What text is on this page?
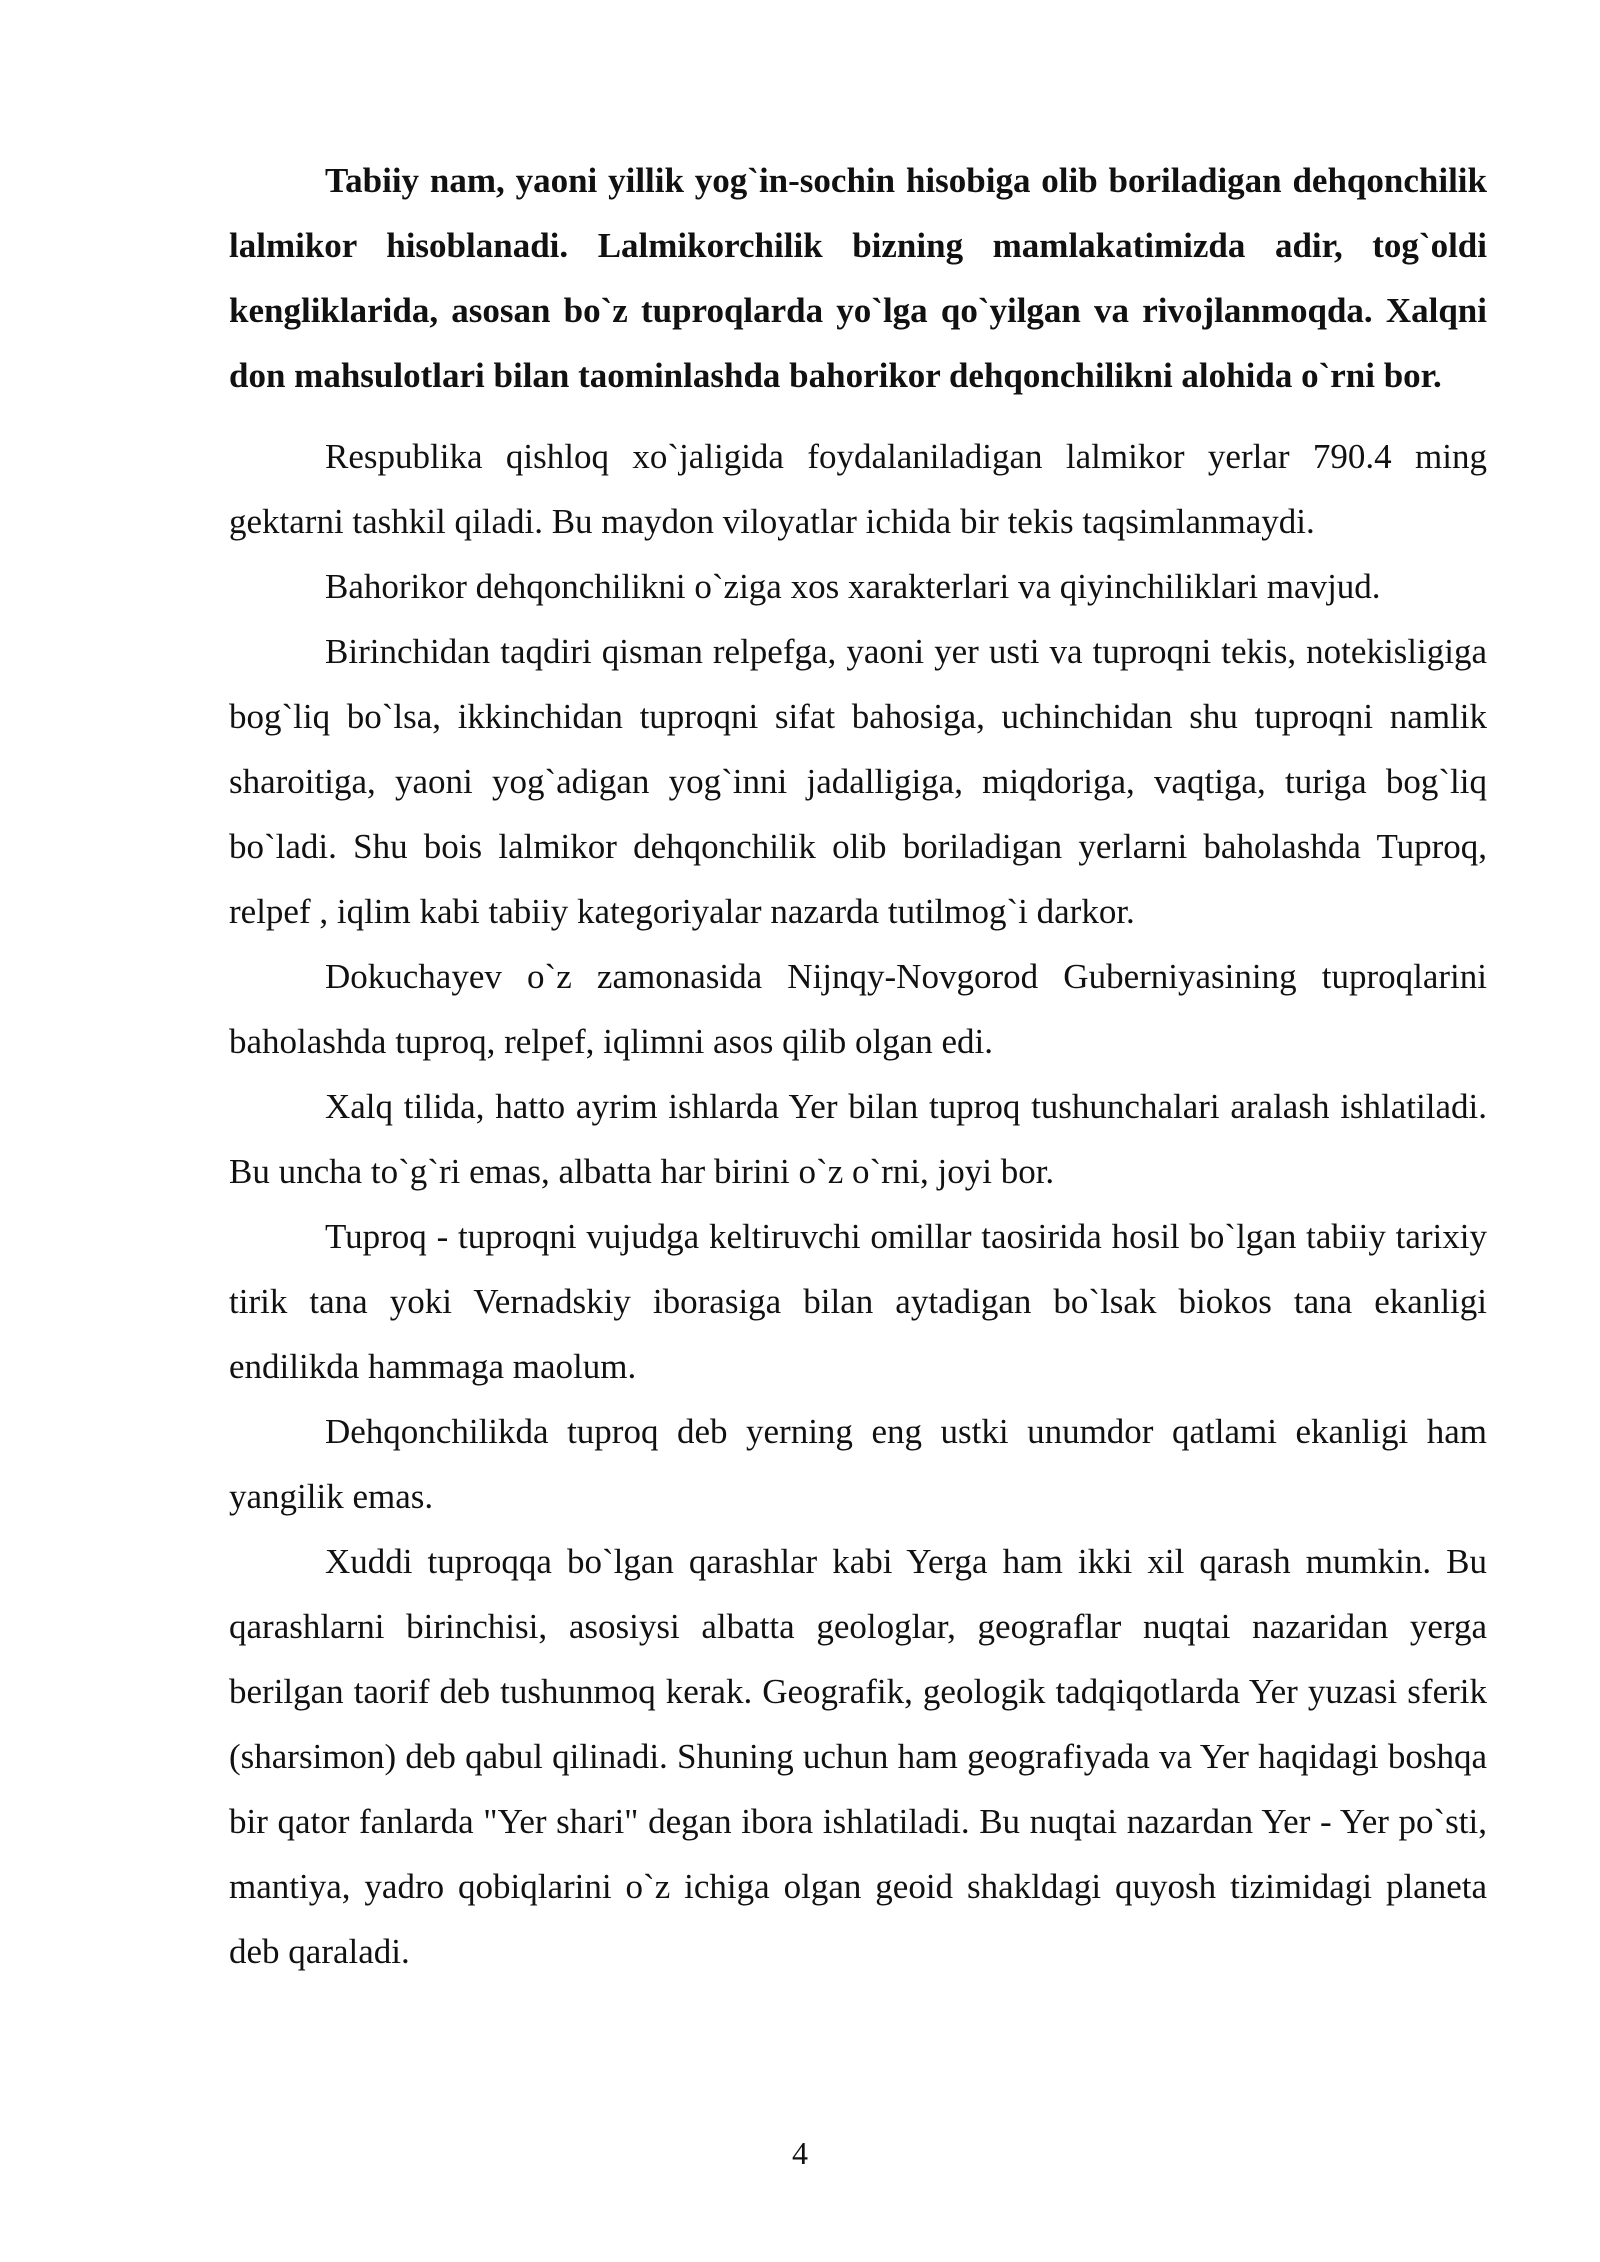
Tabiiy nam, yaoni yillik yog`in-sochin hisobiga olib boriladigan dehqonchilik lalmikor hisoblanadi. Lalmikorchilik bizning mamlakatimizda adir, tog`oldi kengliklarida, asosan bo`z tuproqlarda yo`lga qo`yilgan va rivojlanmoqda. Xalqni don mahsulotlari bilan taominlashda bahorikor dehqonchilikni alohida o`rni bor.

Respublika qishloq xo`jaligida foydalaniladigan lalmikor yerlar 790.4 ming gektarni tashkil qiladi. Bu maydon viloyatlar ichida bir tekis taqsimlanmaydi.

Bahorikor dehqonchilikni o`ziga xos xarakterlari va qiyinchiliklari mavjud.

Birinchidan taqdiri qisman relpefga, yaoni yer usti va tuproqni tekis, notekisligiga bog`liq bo`lsa, ikkinchidan tuproqni sifat bahosiga, uchinchidan shu tuproqni namlik sharoitiga, yaoni yog`adigan yog`inni jadalligiga, miqdoriga, vaqtiga, turiga bog`liq bo`ladi. Shu bois lalmikor dehqonchilik olib boriladigan yerlarni baholashda Tuproq, relpef , iqlim kabi tabiiy kategoriyalar nazarda tutilmog`i darkor.

Dokuchayev o`z zamonasida Nijnqy-Novgorod Guberniyasining tuproqlarini baholashda tuproq, relpef, iqlimni asos qilib olgan edi.

Xalq tilida, hatto ayrim ishlarda Yer bilan tuproq tushunchalari aralash ishlatiladi. Bu uncha to`g`ri emas, albatta har birini o`z o`rni, joyi bor.

Tuproq - tuproqni vujudga keltiruvchi omillar taosirida hosil bo`lgan tabiiy tarixiy tirik tana yoki Vernadskiy iborasiga bilan aytadigan bo`lsak biokos tana ekanligi endilikda hammaga maolum.

Dehqonchilikda tuproq deb yerning eng ustki unumdor qatlami ekanligi ham yangilik emas.

Xuddi tuproqqa bo`lgan qarashlar kabi Yerga ham ikki xil qarash mumkin. Bu qarashlarni birinchisi, asosiysi albatta geologlar, geograflar nuqtai nazaridan yerga berilgan taorif deb tushunmoq kerak. Geografik, geologik tadqiqotlarda Yer yuzasi sferik (sharsimon) deb qabul qilinadi. Shuning uchun ham geografiyada va Yer haqidagi boshqa bir qator fanlarda "Yer shari" degan ibora ishlatiladi. Bu nuqtai nazardan Yer - Yer po`sti, mantiya, yadro qobiqlarini o`z ichiga olgan geoid shakldagi quyosh tizimidagi planeta deb qaraladi.

4
